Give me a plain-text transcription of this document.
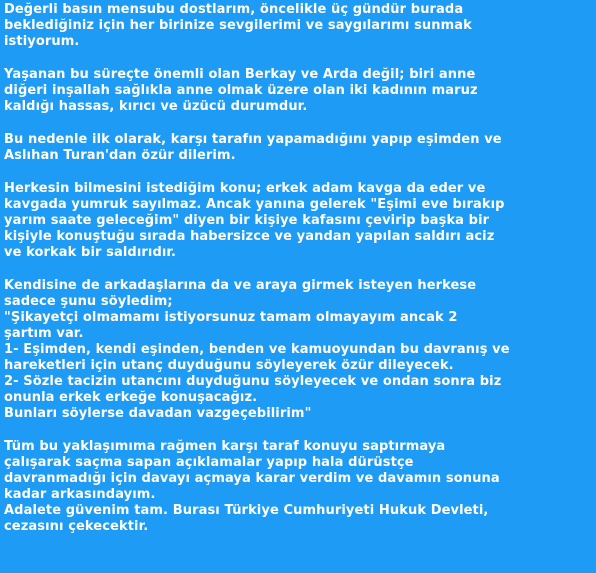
Değerli basın mensubu dostlarım, öncelikle üç gündür burada
beklediğiniz için her birinize sevgilerimi ve saygılarımı sunmak
istiyorum.
Yaşanan bu süreçte önemli olan Berkay ve Arda değil; biri anne
diğeri inşallah sağlıkla anne olmak üzere olan iki kadının maruz
kaldığı hassas, kırıcı ve üzücü durumdur.
Bu nedenle ilk olarak, karşı tarafın yapamadığını yapıp eşimden ve
Aslıhan Turan'dan özür dilerim.
Herkesin bilmesini istediğim konu; erkek adam kavga da eder ve
kavgada yumruk sayılmaz. Ancak yanına gelerek "Eşimi eve bırakıp
yarım saate geleceğim" diyen bir kişiye kafasını çevirip başka bir
kişiyle konuştuğu sırada habersizce ve yandan yapılan saldırı aciz
ve korkak bir saldırıdır.
Kendisine de arkadaşlarına da ve araya girmek isteyen herkese
sadece şunu söyledim;
"Şikayetçi olmamamı istiyorsunuz tamam olmayayım ancak 2
şartım var.
1- Eşimden, kendi eşinden, benden ve kamuoyundan bu davranış ve
hareketleri için utanç duyduğunu söyleyerek özür dileyecek.
2- Sözle tacizin utancını duyduğunu söyleyecek ve ondan sonra biz
onunla erkek erkeğe konuşacağız.
Bunları söylerse davadan vazgeçebilirim"
Tüm bu yaklaşımıma rağmen karşı taraf konuyu saptırmaya
çalışarak saçma sapan açıklamalar yapıp hala dürüstçe
davranmadığı için davayı açmaya karar verdim ve davamın sonuna
kadar arkasındayım.
Adalete güvenim tam. Burası Türkiye Cumhuriyeti Hukuk Devleti,
cezasını çekecektir.
